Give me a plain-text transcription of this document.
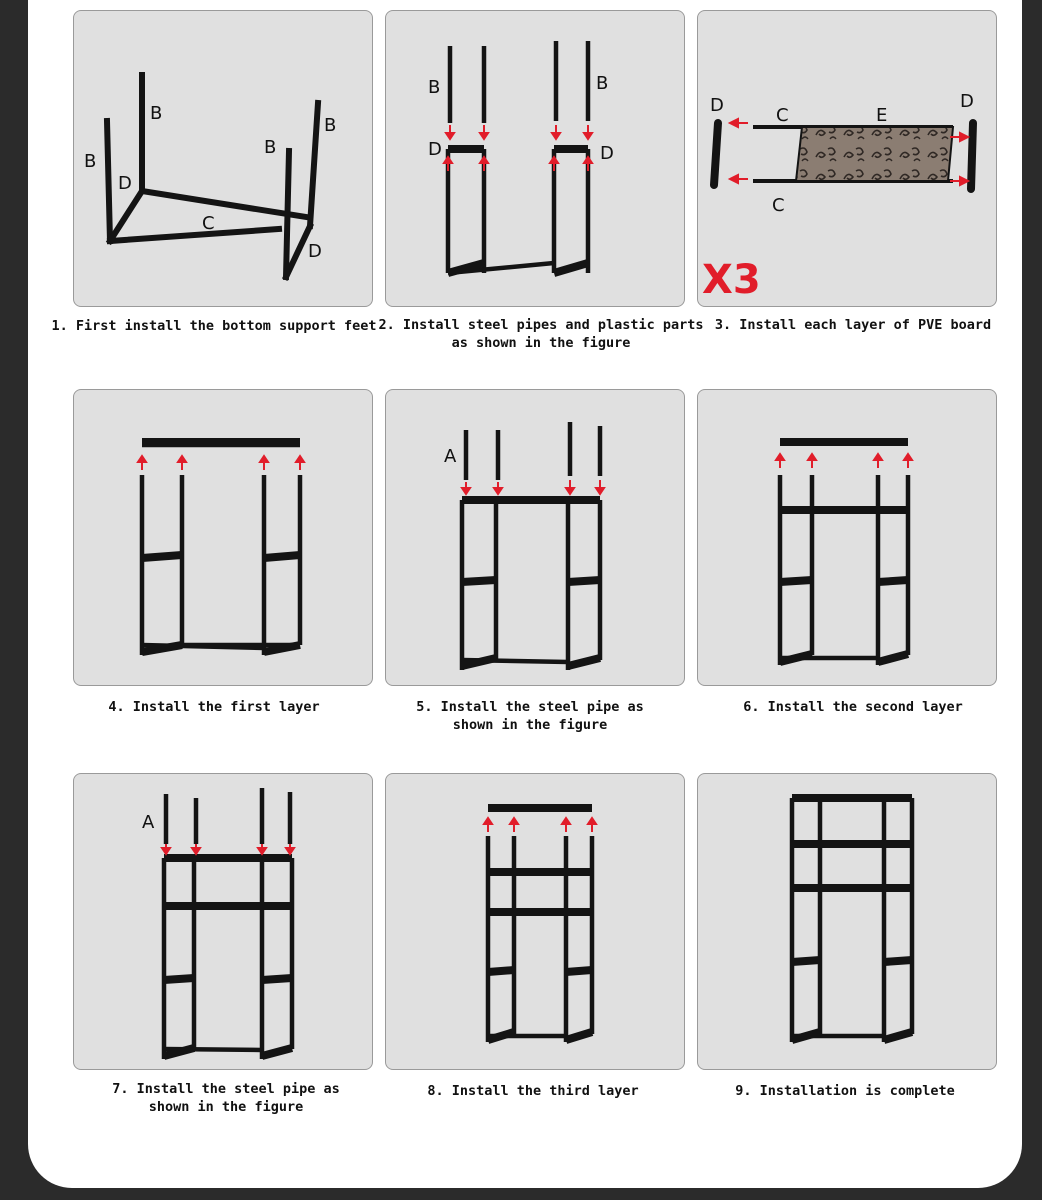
B
B
B
B
D
C
D
B	B
D	D
D	C	E
D
C
X3
A
A
1. First install the bottom support feet 2. Install steel pipes and plastic parts
as shown in the figure
3. Install each layer of PVE board
4. Install the first layer	5. Install the steel pipe as
shown in the figure
6. Install the second layer
7. Install the steel pipe as
shown in the figure
8. Install the third layer	9. Installation is complete
